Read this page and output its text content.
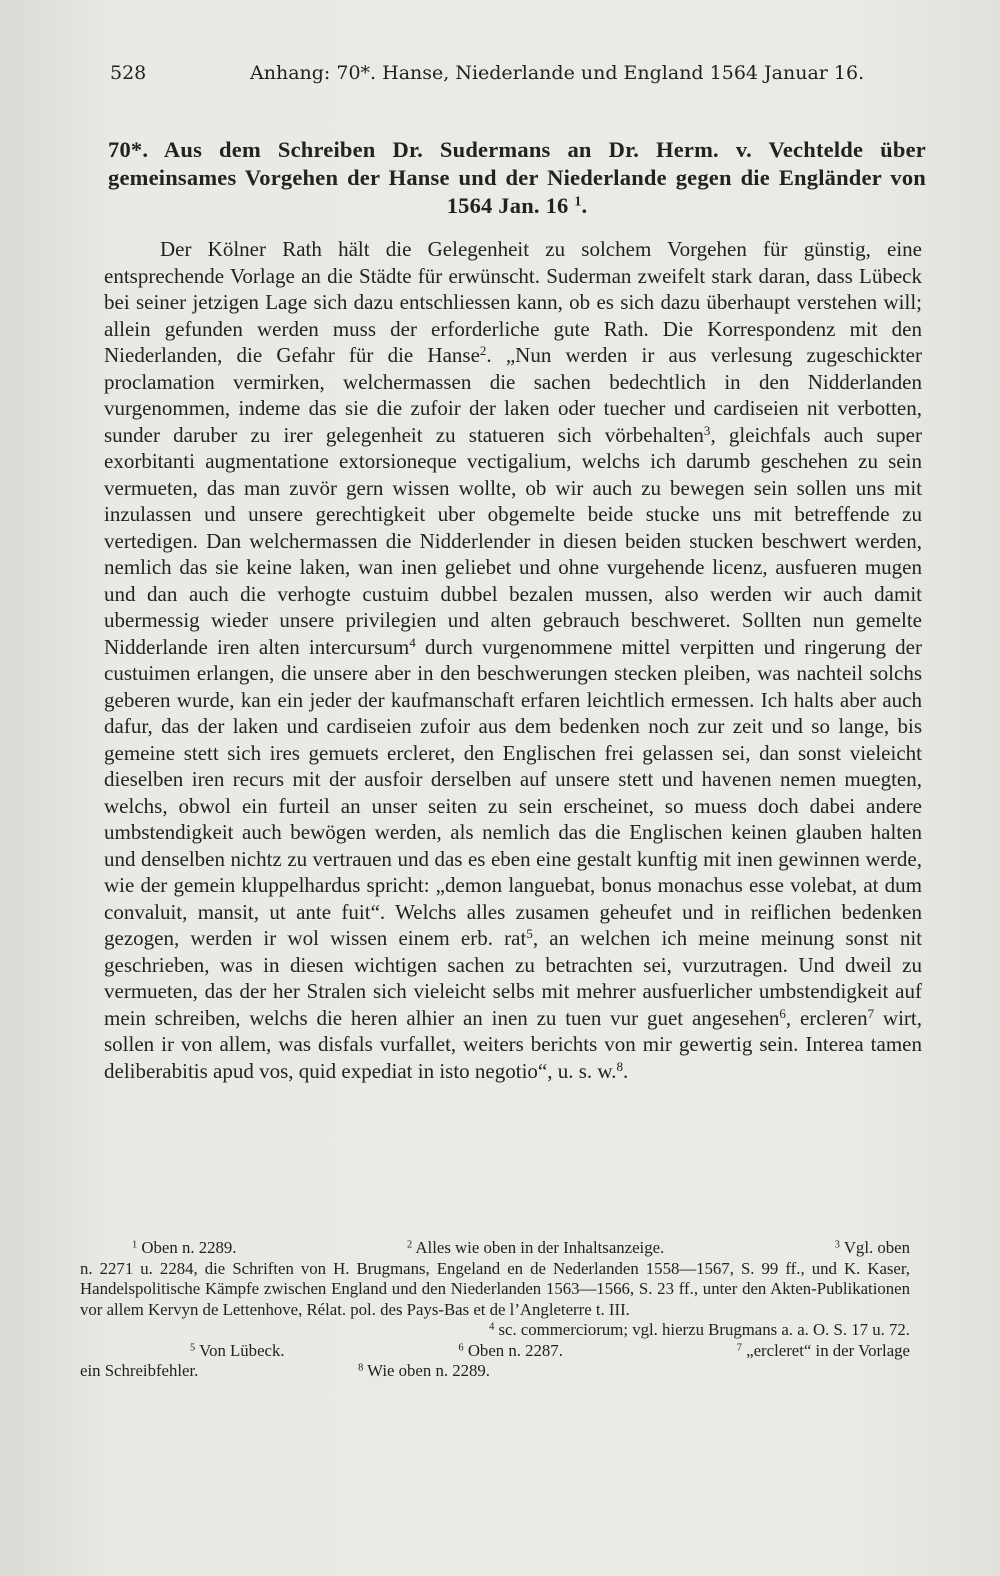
528	Anhang: 70*. Hanse, Niederlande und England 1564 Januar 16.
70*. Aus dem Schreiben Dr. Sudermans an Dr. Herm. v. Vechtelde über gemeinsames Vorgehen der Hanse und der Niederlande gegen die Engländer von 1564 Jan. 16 $^1$.
Der Kölner Rath hält die Gelegenheit zu solchem Vorgehen für günstig, eine entsprechende Vorlage an die Städte für erwünscht. Suderman zweifelt stark daran, dass Lübeck bei seiner jetzigen Lage sich dazu entschliessen kann, ob es sich dazu überhaupt verstehen will; allein gefunden werden muss der erforderliche gute Rath. Die Korrespondenz mit den Niederlanden, die Gefahr für die Hanse$^2$. „Nun werden ir aus verlesung zugeschickter proclamation vermirken, welchermassen die sachen bedechtlich in den Nidderlanden vurgenommen, indeme das sie die zufoir der laken oder tuecher und cardiseien nit verbotten, sunder daruber zu irer gelegenheit zu statueren sich vörbehalten$^3$, gleichfals auch super exorbitanti augmentatione extorsioneque vectigalium, welchs ich darumb geschehen zu sein vermueten, das man zuvör gern wissen wollte, ob wir auch zu bewegen sein sollen uns mit inzulassen und unsere gerechtigkeit uber obgemelte beide stucke uns mit betreffende zu vertedigen. Dan welchermassen die Nidderlender in diesen beiden stucken beschwert werden, nemlich das sie keine laken, wan inen geliebet und ohne vurgehende licenz, ausfueren mugen und dan auch die verhogte custuim dubbel bezalen mussen, also werden wir auch damit ubermessig wieder unsere privilegien und alten gebrauch beschweret. Sollten nun gemelte Nidderlande iren alten intercursum$^4$ durch vurgenommene mittel verpitten und ringerung der custuimen erlangen, die unsere aber in den beschwerungen stecken pleiben, was nachteil solchs geberen wurde, kan ein jeder der kaufmanschaft erfaren leichtlich ermessen. Ich halts aber auch dafur, das der laken und cardiseien zufoir aus dem bedenken noch zur zeit und so lange, bis gemeine stett sich ires gemuets ercleret, den Englischen frei gelassen sei, dan sonst vieleicht dieselben iren recurs mit der ausfoir derselben auf unsere stett und havenen nemen muegten, welchs, obwol ein furteil an unser seiten zu sein erscheinet, so muess doch dabei andere umbstendigkeit auch bewögen werden, als nemlich das die Englischen keinen glauben halten und denselben nichtz zu vertrauen und das es eben eine gestalt kunftig mit inen gewinnen werde, wie der gemein kluppelhardus spricht: „demon languebat, bonus monachus esse volebat, at dum convaluit, mansit, ut ante fuit“. Welchs alles zusamen geheufet und in reiflichen bedenken gezogen, werden ir wol wissen einem erb. rat$^5$, an welchen ich meine meinung sonst nit geschrieben, was in diesen wichtigen sachen zu betrachten sei, vurzutragen. Und dweil zu vermueten, das der her Stralen sich vieleicht selbs mit mehrer ausfuerlicher umbstendigkeit auf mein schreiben, welchs die heren alhier an inen zu tuen vur guet angesehen$^6$, ercleren$^7$ wirt, sollen ir von allem, was disfals vurfallet, weiters berichts von mir gewertig sein. Interea tamen deliberabitis apud vos, quid expediat in isto negotio“, u. s. w.$^8$.
$^1$ Oben n. 2289.	$^2$ Alles wie oben in der Inhaltsanzeige.	$^3$ Vgl. oben
n. 2271 u. 2284, die Schriften von H. Brugmans, Engeland en de Nederlanden 1558—1567, S. 99 ff., und K. Kaser, Handelspolitische Kämpfe zwischen England und den Niederlanden 1563—1566, S. 23 ff., unter den Akten-Publikationen vor allem Kervyn de Lettenhove, Rélat. pol. des Pays-Bas et de l’Angleterre t. III.
$^4$ sc. commerciorum; vgl. hierzu Brugmans a. a. O. S. 17 u. 72.
$^5$ Von Lübeck.	$^6$ Oben n. 2287.	$^7$ „ercleret“ in der Vorlage
ein Schreibfehler.	$^8$ Wie oben n. 2289.
